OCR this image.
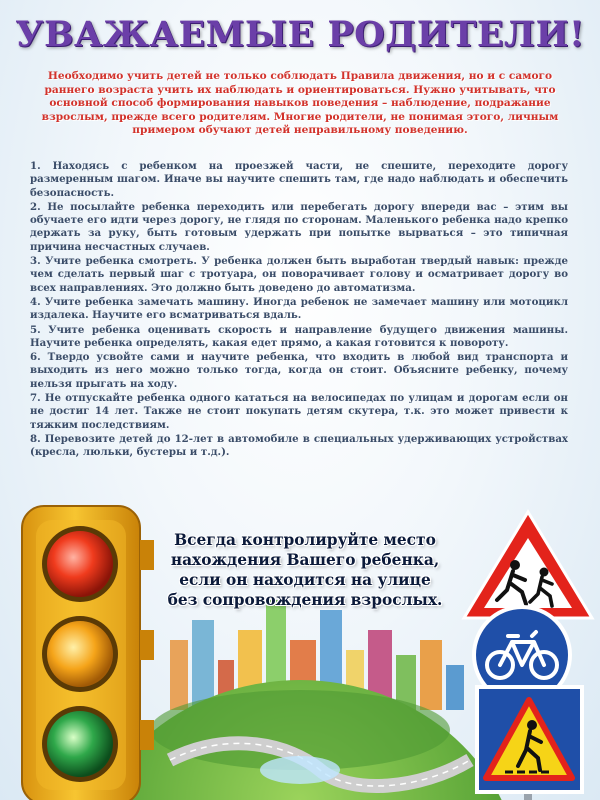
УВАЖАЕМЫЕ РОДИТЕЛИ!
Необходимо учить детей не только соблюдать Правила движения, но и с самого раннего возраста учить их наблюдать и ориентироваться. Нужно учитывать, что основной способ формирования навыков поведения – наблюдение, подражание взрослым, прежде всего родителям. Многие родители, не понимая этого, личным примером обучают детей неправильному поведению.
1. Находясь с ребенком на проезжей части, не спешите, переходите дорогу размеренным шагом. Иначе вы научите спешить там, где надо наблюдать и обеспечить безопасность.
2. Не посылайте ребенка переходить или перебегать дорогу впереди вас – этим вы обучаете его идти через дорогу, не глядя по сторонам. Маленького ребенка надо крепко держать за руку, быть готовым удержать при попытке вырваться – это типичная причина несчастных случаев.
3. Учите ребенка смотреть. У ребенка должен быть выработан твердый навык: прежде чем сделать первый шаг с тротуара, он поворачивает голову и осматривает дорогу во всех направлениях. Это должно быть доведено до автоматизма.
4. Учите ребенка замечать машину. Иногда ребенок не замечает машину или мотоцикл издалека. Научите его всматриваться вдаль.
5. Учите ребенка оценивать скорость и направление будущего движения машины. Научите ребенка определять, какая едет прямо, а какая готовится к повороту.
6. Твердо усвойте сами и научите ребенка, что входить в любой вид транспорта и выходить из него можно только тогда, когда он стоит. Объясните ребенку, почему нельзя прыгать на ходу.
7. Не отпускайте ребенка одного кататься на велосипедах по улицам и дорогам если он не достиг 14 лет. Также не стоит покупать детям скутера, т.к. это может привести к тяжким последствиям.
8. Перевозите детей до 12-лет в автомобиле в специальных удерживающих устройствах (кресла, люльки, бустеры и т.д.).
Всегда контролируйте место
нахождения Вашего ребенка,
если он находится на улице
без сопровождения взрослых.
